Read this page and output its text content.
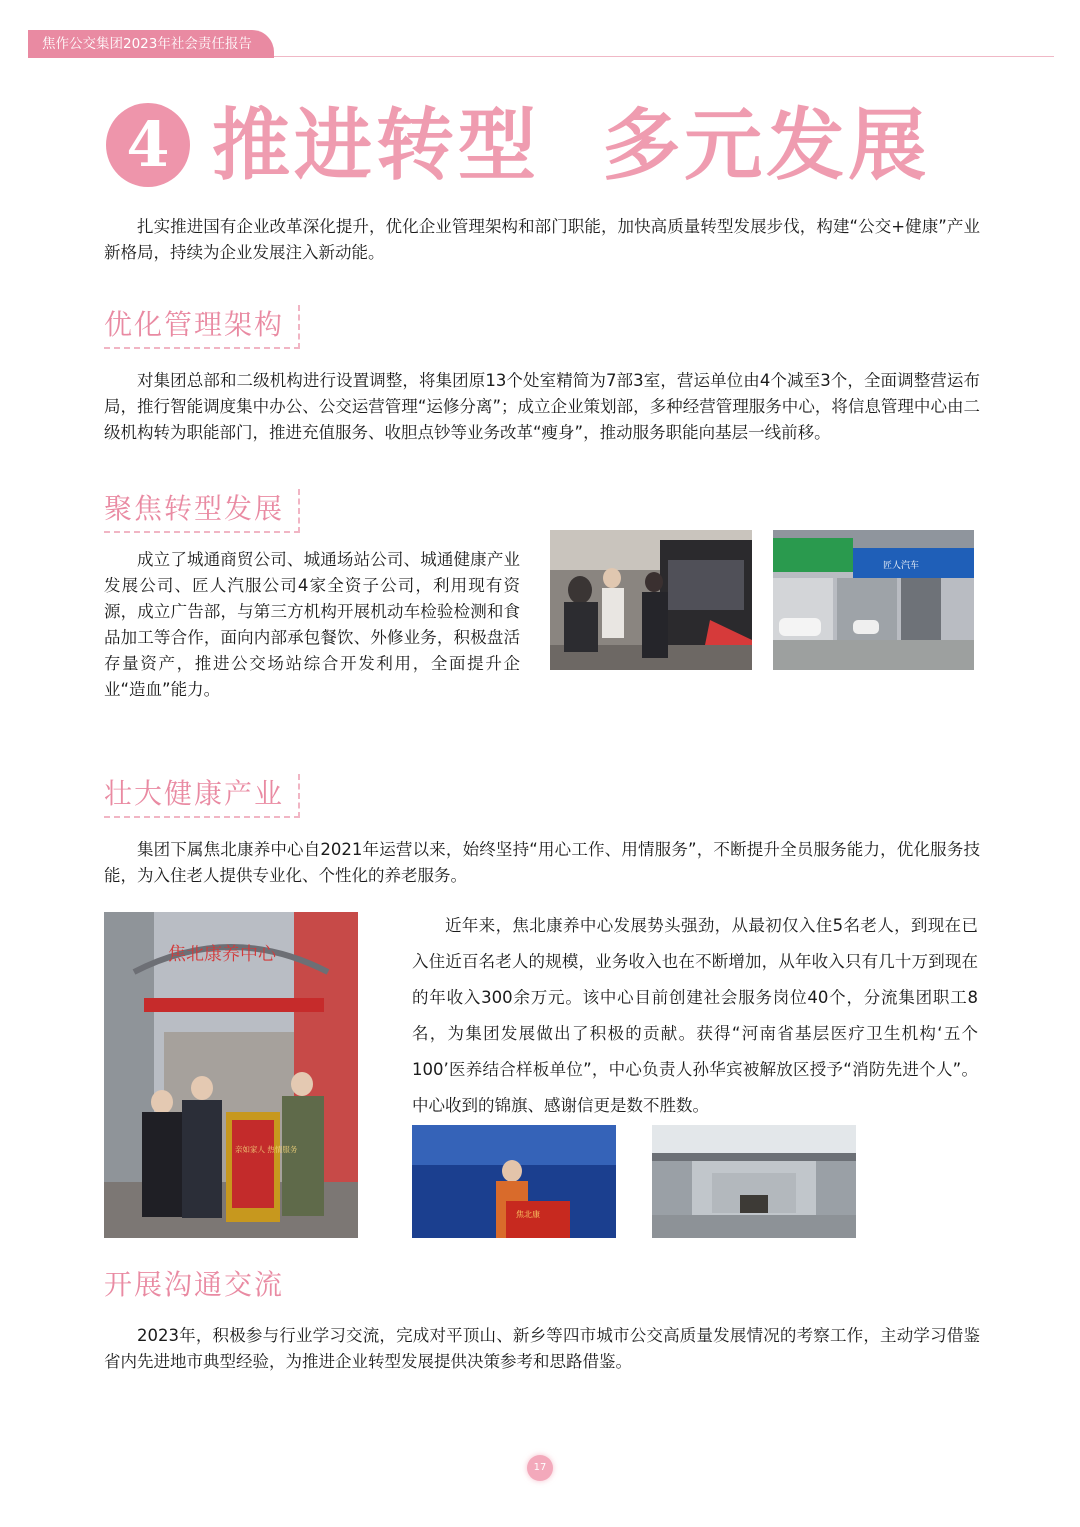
焦作公交集团2023年社会责任报告
4 推进转型  多元发展

扎实推进国有企业改革深化提升，优化企业管理架构和部门职能，加快高质量转型发展步伐，构建“公交+健康”产业新格局，持续为企业发展注入新动能。

优化管理架构

对集团总部和二级机构进行设置调整，将集团原13个处室精简为7部3室，营运单位由4个减至3个，全面调整营运布局，推行智能调度集中办公、公交运营管理“运修分离”；成立企业策划部，多种经营管理服务中心，将信息管理中心由二级机构转为职能部门，推进充值服务、收胆点钞等业务改革“瘦身”，推动服务职能向基层一线前移。

聚焦转型发展

成立了城通商贸公司、城通场站公司、城通健康产业发展公司、匠人汽服公司4家全资子公司，利用现有资源，成立广告部，与第三方机构开展机动车检验检测和食品加工等合作，面向内部承包餐饮、外修业务，积极盘活存量资产，推进公交场站综合开发利用，全面提升企业“造血”能力。

匠人汽车
壮大健康产业

集团下属焦北康养中心自2021年运营以来，始终坚持“用心工作、用情服务”，不断提升全员服务能力，优化服务技能，为入住老人提供专业化、个性化的养老服务。

焦北康养中心
亲如家人 热情服务

近年来，焦北康养中心发展势头强劲，从最初仅入住5名老人，到现在已入住近百名老人的规模，业务收入也在不断增加，从年收入只有几十万到现在的年收入300余万元。该中心目前创建社会服务岗位40个，分流集团职工8名，为集团发展做出了积极的贡献。获得“河南省基层医疗卫生机构‘五个100’医养结合样板单位”，中心负责人孙华宾被解放区授予“消防先进个人”。中心收到的锦旗、感谢信更是数不胜数。

焦北康
开展沟通交流

2023年，积极参与行业学习交流，完成对平顶山、新乡等四市城市公交高质量发展情况的考察工作，主动学习借鉴省内先进地市典型经验，为推进企业转型发展提供决策参考和思路借鉴。

17
